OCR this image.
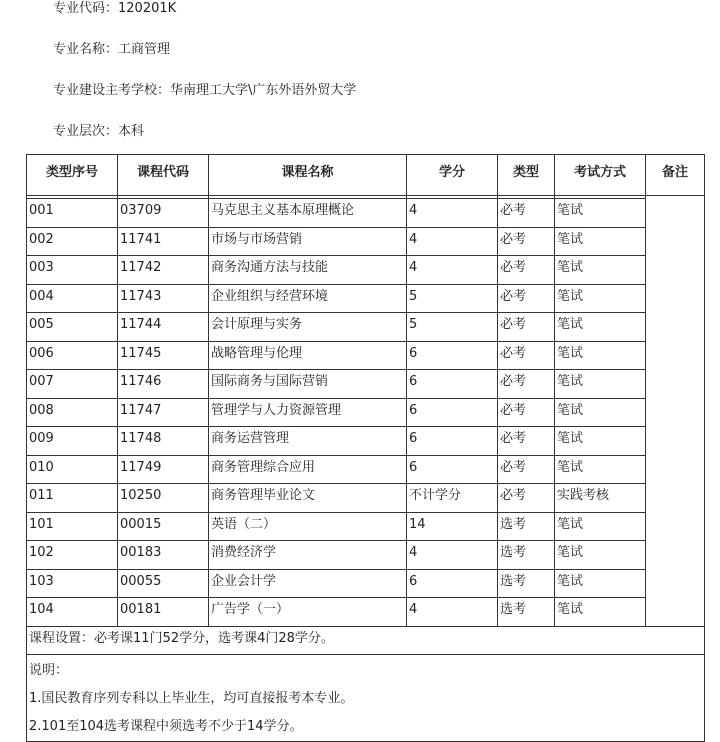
专业代码：120201K
专业名称：工商管理
专业建设主考学校：华南理工大学\广东外语外贸大学
专业层次：本科
类型序号	课程代码	课程名称	学分	类型	考试方式	备注

001	03709	马克思主义基本原理概论	4	必考	笔试	
002	11741	市场与市场营销	4	必考	笔试	
003	11742	商务沟通方法与技能	4	必考	笔试	
004	11743	企业组织与经营环境	5	必考	笔试	
005	11744	会计原理与实务	5	必考	笔试	
006	11745	战略管理与伦理	6	必考	笔试	
007	11746	国际商务与国际营销	6	必考	笔试	
008	11747	管理学与人力资源管理	6	必考	笔试	
009	11748	商务运营管理	6	必考	笔试	
010	11749	商务管理综合应用	6	必考	笔试	
011	10250	商务管理毕业论文	不计学分	必考	实践考核	
101	00015	英语（二）	14	选考	笔试	
102	00183	消费经济学	4	选考	笔试	
103	00055	企业会计学	6	选考	笔试	
104	00181	广告学（一）	4	选考	笔试	
课程设置：必考课11门52学分，选考课4门28学分。						

说明：
1.国民教育序列专科以上毕业生，均可直接报考本专业。
2.101至104选考课程中须选考不少于14学分。						
